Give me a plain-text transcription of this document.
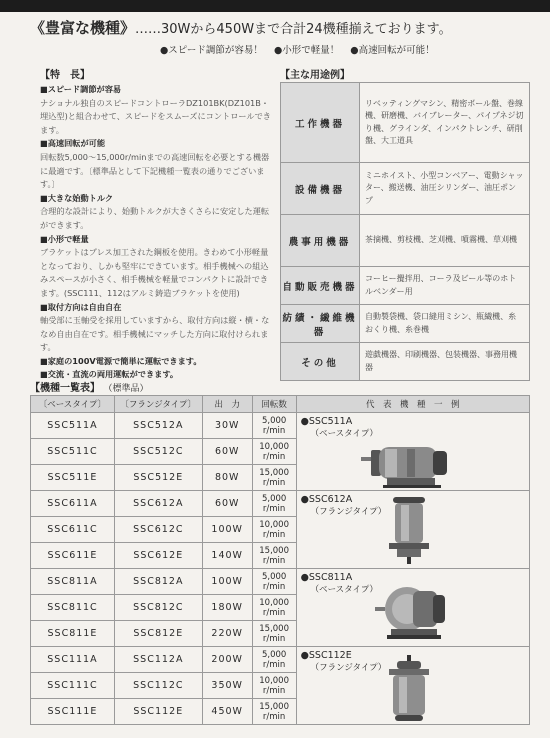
《豊富な機種》……30Wから450Wまで合計24機種揃えております。
●スピード調節が容易！ ●小形で軽量！ ●高速回転が可能！
【特　長】	【主な用途例】

■スピード調節が容易

ナショナル独自のスピードコントローラDZ101BK(DZ101B・埋込型)と組合わせて、スピードをスムーズにコントロールできます。

■高速回転が可能

回転数5,000〜15,000r/minまでの高速回転を必要とする機器に最適です。〔標準品として下記機種一覧表の通りでございます。〕

■大きな始動トルク

合理的な設計により、始動トルクが大きくさらに安定した運転ができます。

■小形で軽量

ブラケットはプレス加工された鋼板を使用。きわめて小形軽量となっており、しかも堅牢にできています。相手機械への組込みスペースが小さく、相手機械を軽量でコンパクトに設計できます。(SSC111、112はアルミ鋳造ブラケットを使用)

■取付方向は自由自在

軸受部に玉軸受を採用していますから、取付方向は縦・横・ななめ自由自在です。相手機械にマッチした方向に取付けられます。

■家庭の100V電源で簡単に運転できます。

■交流・直流の両用運転ができます。

工作機器	リベッティングマシン、精密ボール盤、巻線機、研磨機、バイブレーター、パイプネジ切り機、グラインダ、インパクトレンチ、研削盤、大工道具
設備機器	ミニホイスト、小型コンベアー、電動シャッター、搬送機、油圧シリンダー、油圧ポンプ
農事用機器	茶摘機、剪枝機、芝刈機、噴霧機、草刈機
自動販売機器	コーヒー攪拌用、コーラ及ビール等のホトルベンダー用
紡績・繊維機器	自動製袋機、袋口縫用ミシン、瓶繊機、糸おくり機、糸巻機
その他	遊戯機器、印刷機器、包装機器、事務用機器
【機種一覧表】 （標準品）
〔ベースタイプ〕	〔フランジタイプ〕	出　力	回転数	代　表　機　種　一　例
SSC511A	SSC512A	30W	5,000 r/min	●SSC511A
（ベースタイプ）

SSC511C	SSC512C	60W	10,000 r/min	
SSC511E	SSC512E	80W	15,000 r/min	
SSC611A	SSC612A	60W	5,000 r/min	●SSC612A
（フランジタイプ）

SSC611C	SSC612C	100W	10,000 r/min	
SSC611E	SSC612E	140W	15,000 r/min	
SSC811A	SSC812A	100W	5,000 r/min	●SSC811A
（ベースタイプ）

SSC811C	SSC812C	180W	10,000 r/min	
SSC811E	SSC812E	220W	15,000 r/min	
SSC111A	SSC112A	200W	5,000 r/min	●SSC112E
（フランジタイプ）

SSC111C	SSC112C	350W	10,000 r/min	
SSC111E	SSC112E	450W	15,000 r/min	
